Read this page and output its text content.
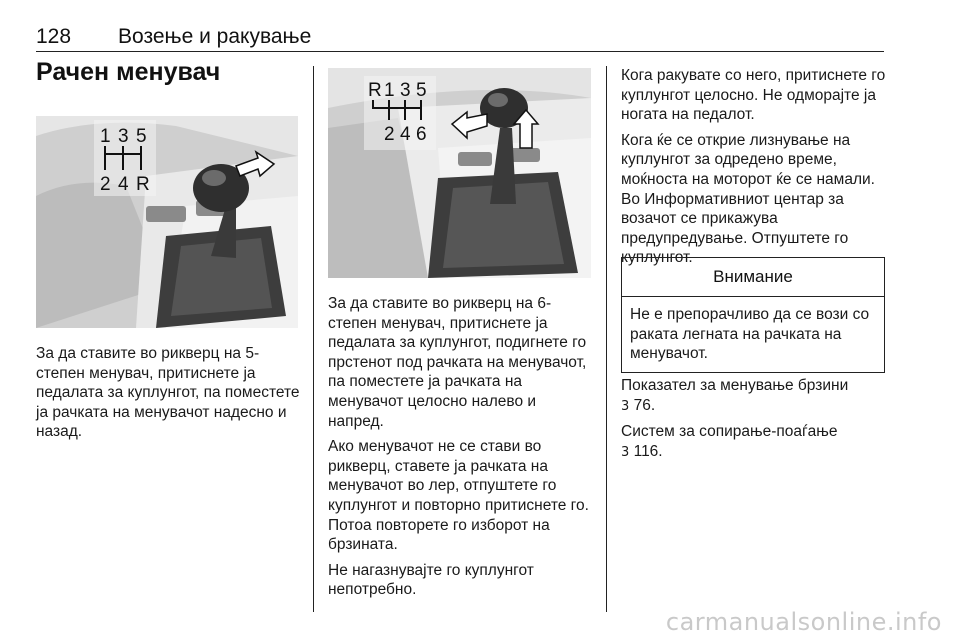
128 Возење и ракување
Рачен менувач
1 3 5
2 4 R

За да ставите во рикверц на 5-степен менувач, притиснете ја педалата за куплунгот, па поместете ја рачката на менувачот надесно и назад.

R 1 3 5
2 4 6

За да ставите во рикверц на 6-степен менувач, притиснете ја педалата за куплунгот, подигнете го прстенот под рачката на менувачот, па поместете ја рачката на менувачот целосно налево и напред.

Ако менувачот не се стави во рикверц, ставете ја рачката на менувачот во лер, отпуштете го куплунгот и повторно притиснете го. Потоа повторете го изборот на брзината.

Не нагазнувајте го куплунгот непотребно.

Кога ракувате со него, притиснете го куплунгот целосно. Не одморајте ја ногата на педалот.

Кога ќе се открие лизнување на куплунгот за одредено време, моќноста на моторот ќе се намали. Во Информативниот центар за возачот се прикажува предупредување. Отпуштете го куплунгот.

Внимание
Не е препорачливо да се вози со раката легната на рачката на менувачот.

Показател за менување брзини
3 76.

Систем за сопирање-поаѓање
3 116.

carmanualsonline.info
